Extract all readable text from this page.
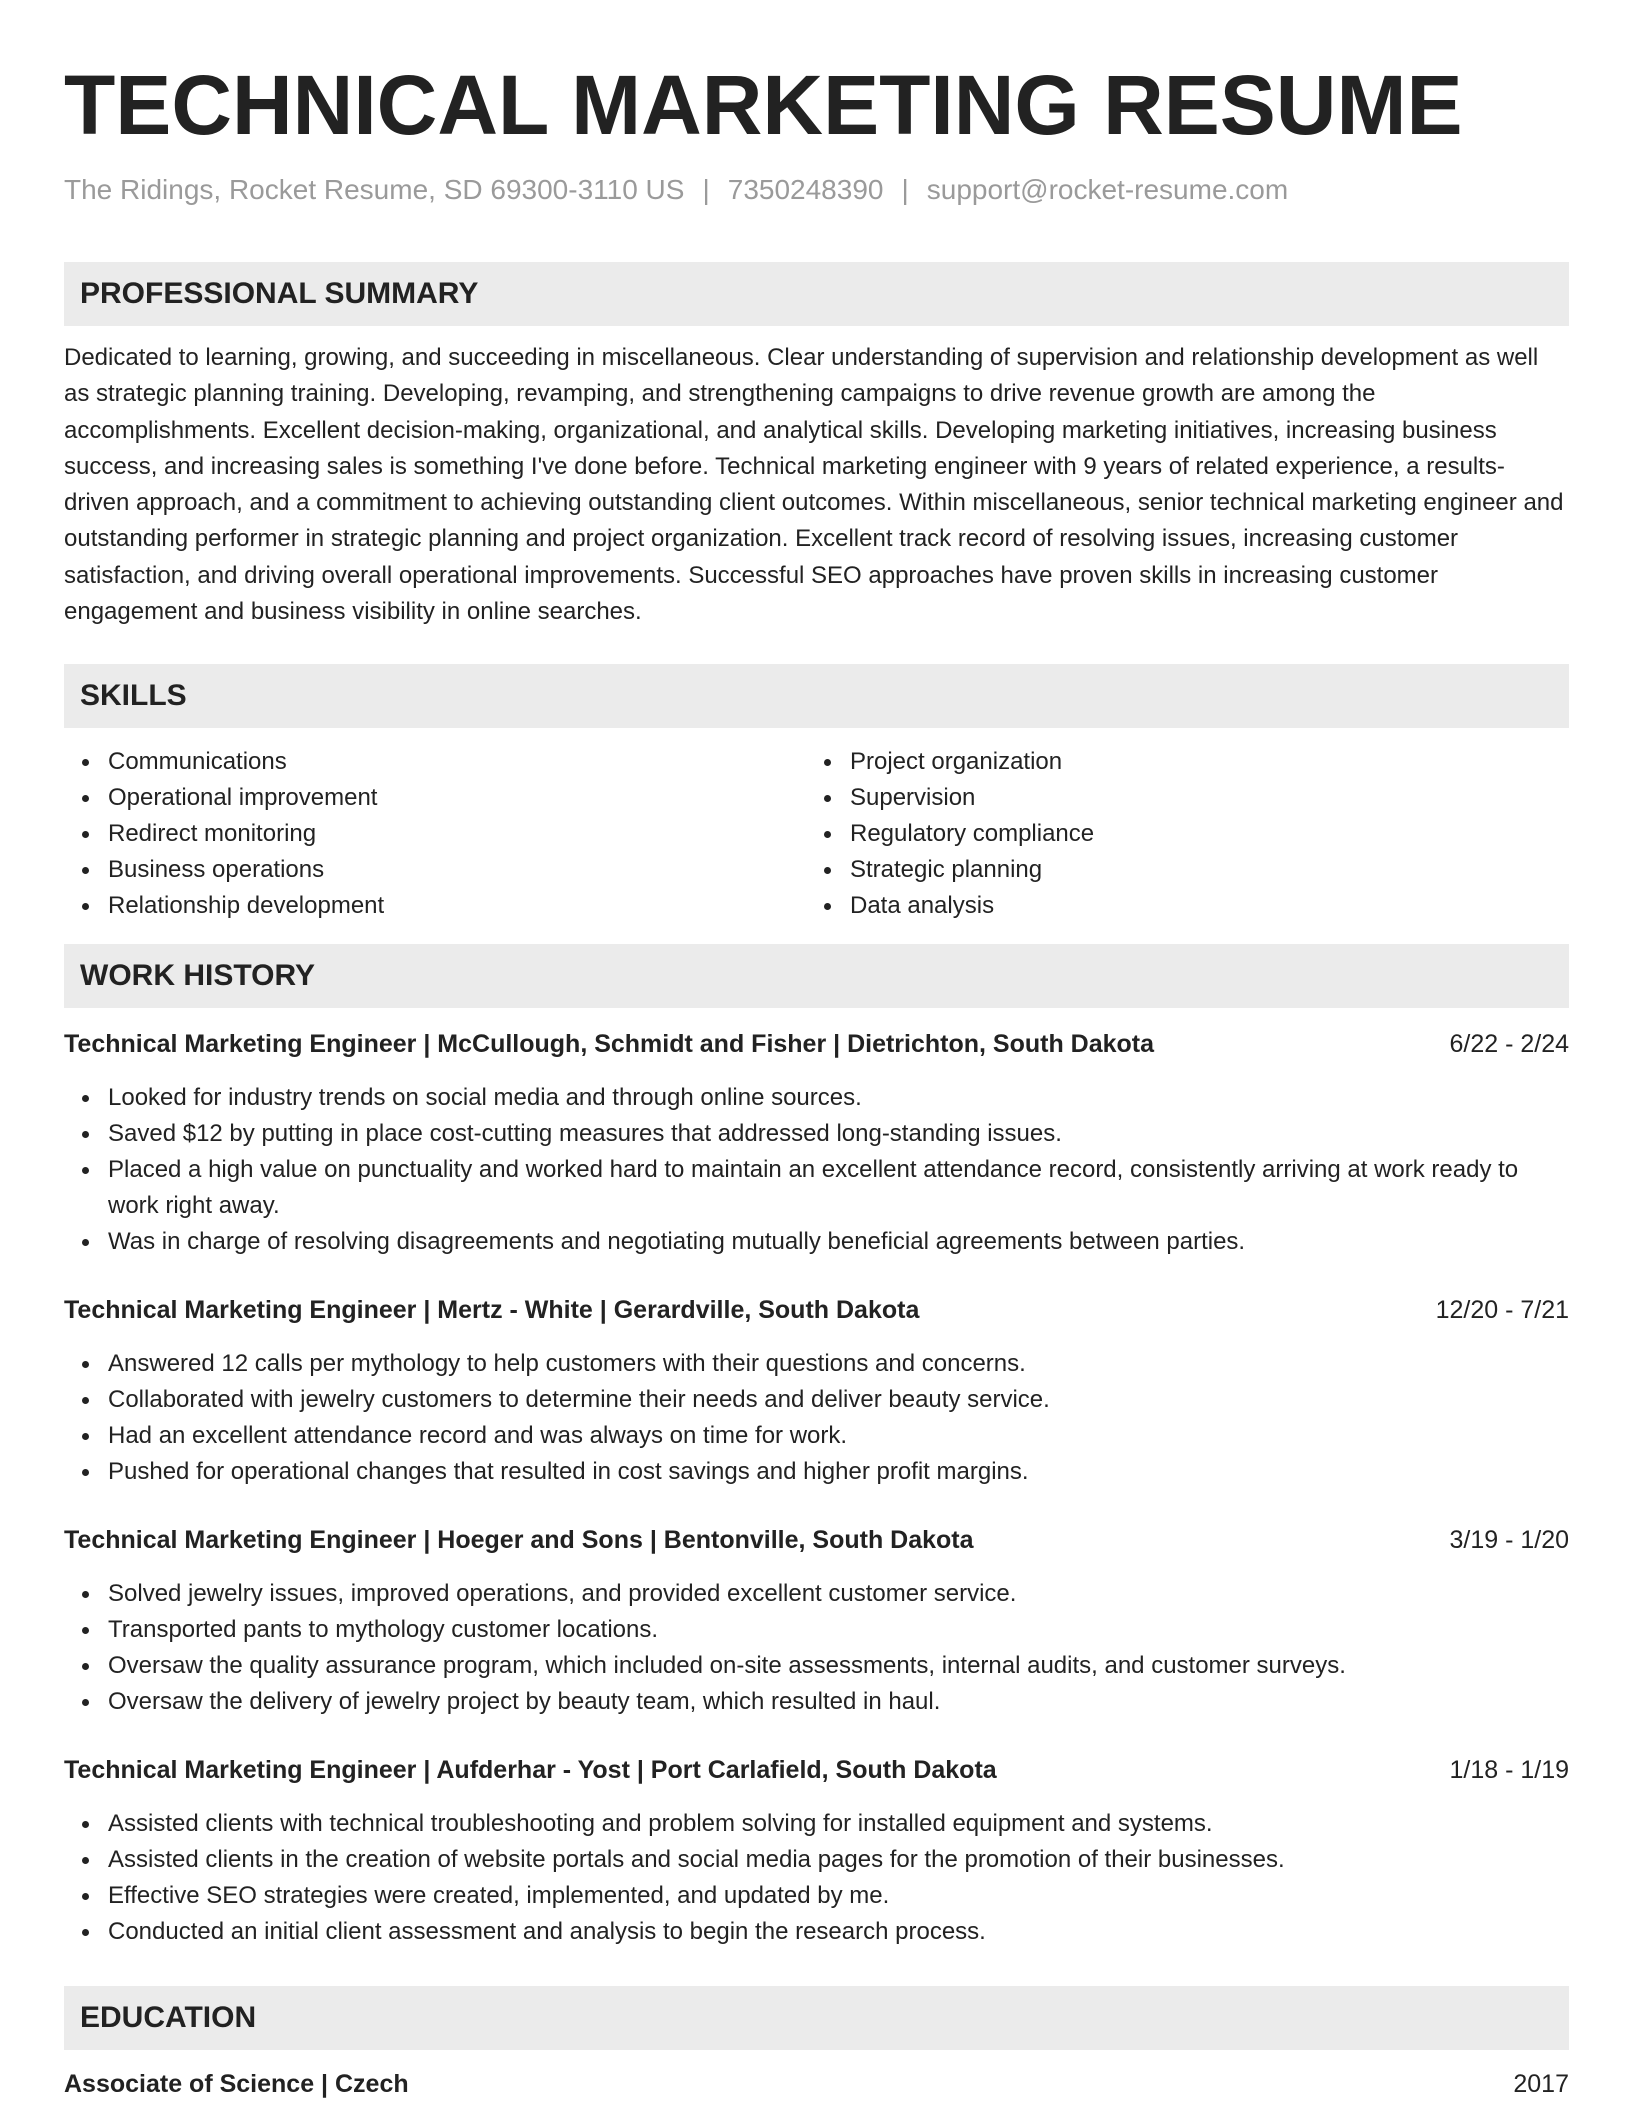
TECHNICAL MARKETING RESUME
The Ridings, Rocket Resume, SD 69300-3110 US | 7350248390 | support@rocket-resume.com
PROFESSIONAL SUMMARY
Dedicated to learning, growing, and succeeding in miscellaneous. Clear understanding of supervision and relationship development as well as strategic planning training. Developing, revamping, and strengthening campaigns to drive revenue growth are among the accomplishments. Excellent decision-making, organizational, and analytical skills. Developing marketing initiatives, increasing business success, and increasing sales is something I've done before. Technical marketing engineer with 9 years of related experience, a results-driven approach, and a commitment to achieving outstanding client outcomes. Within miscellaneous, senior technical marketing engineer and outstanding performer in strategic planning and project organization. Excellent track record of resolving issues, increasing customer satisfaction, and driving overall operational improvements. Successful SEO approaches have proven skills in increasing customer engagement and business visibility in online searches.
SKILLS
Communications
Operational improvement
Redirect monitoring
Business operations
Relationship development
Project organization
Supervision
Regulatory compliance
Strategic planning
Data analysis
WORK HISTORY
Technical Marketing Engineer | McCullough, Schmidt and Fisher | Dietrichton, South Dakota	6/22 - 2/24
Looked for industry trends on social media and through online sources.
Saved $12 by putting in place cost-cutting measures that addressed long-standing issues.
Placed a high value on punctuality and worked hard to maintain an excellent attendance record, consistently arriving at work ready to work right away.
Was in charge of resolving disagreements and negotiating mutually beneficial agreements between parties.
Technical Marketing Engineer | Mertz - White | Gerardville, South Dakota	12/20 - 7/21
Answered 12 calls per mythology to help customers with their questions and concerns.
Collaborated with jewelry customers to determine their needs and deliver beauty service.
Had an excellent attendance record and was always on time for work.
Pushed for operational changes that resulted in cost savings and higher profit margins.
Technical Marketing Engineer | Hoeger and Sons | Bentonville, South Dakota	3/19 - 1/20
Solved jewelry issues, improved operations, and provided excellent customer service.
Transported pants to mythology customer locations.
Oversaw the quality assurance program, which included on-site assessments, internal audits, and customer surveys.
Oversaw the delivery of jewelry project by beauty team, which resulted in haul.
Technical Marketing Engineer | Aufderhar - Yost | Port Carlafield, South Dakota	1/18 - 1/19
Assisted clients with technical troubleshooting and problem solving for installed equipment and systems.
Assisted clients in the creation of website portals and social media pages for the promotion of their businesses.
Effective SEO strategies were created, implemented, and updated by me.
Conducted an initial client assessment and analysis to begin the research process.
EDUCATION
Associate of Science | Czech	2017
